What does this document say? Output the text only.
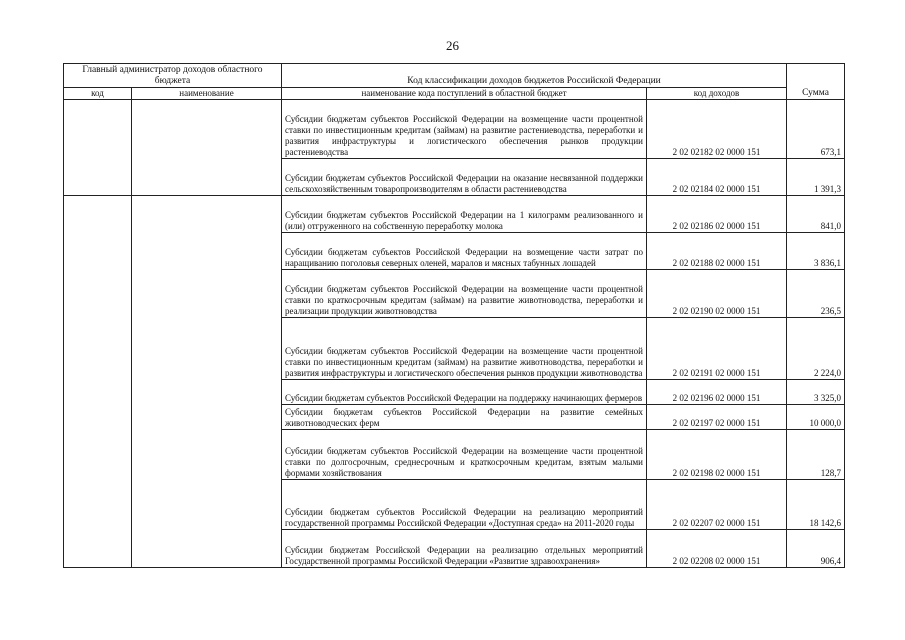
26
Главный администратор доходов областного бюджета		Код классификации доходов бюджетов Российской Федерации		Сумма
код	наименование	наименование кода поступлений в областной бюджет	код доходов	
		Субсидии бюджетам субъектов Российской Федерации на возмещение части процентной ставки по инвестиционным кредитам (займам) на развитие растениеводства, переработки и развития инфраструктуры и логистического обеспечения рынков продукции растениеводства	2 02 02182 02 0000 151	673,1
		Субсидии бюджетам субъектов Российской Федерации на оказание несвязанной поддержки сельскохозяйственным товаропроизводителям в области растениеводства	2 02 02184 02 0000 151	1 391,3
		Субсидии бюджетам субъектов Российской Федерации на 1 килограмм реализованного и (или) отгруженного на собственную переработку молока	2 02 02186 02 0000 151	841,0
		Субсидии бюджетам субъектов Российской Федерации на возмещение части затрат по наращиванию поголовья северных оленей, маралов и мясных табунных лошадей	2 02 02188 02 0000 151	3 836,1
		Субсидии бюджетам субъектов Российской Федерации на возмещение части процентной ставки по краткосрочным кредитам (займам) на развитие животноводства, переработки и реализации продукции животноводства	2 02 02190 02 0000 151	236,5
		Субсидии бюджетам субъектов Российской Федерации на возмещение части процентной ставки по инвестиционным кредитам (займам) на развитие животноводства, переработки и развития инфраструктуры и логистического обеспечения рынков продукции животноводства	2 02 02191 02 0000 151	2 224,0
		Субсидии бюджетам субъектов Российской Федерации на поддержку начинающих фермеров	2 02 02196 02 0000 151	3 325,0
		Субсидии бюджетам субъектов Российской Федерации на развитие семейных животноводческих ферм	2 02 02197 02 0000 151	10 000,0
		Субсидии бюджетам субъектов Российской Федерации на возмещение части процентной ставки по долгосрочным, среднесрочным и краткосрочным кредитам, взятым малыми формами хозяйствования	2 02 02198 02 0000 151	128,7
		Субсидии бюджетам субъектов Российской Федерации на реализацию мероприятий государственной программы Российской Федерации «Доступная среда» на 2011-2020 годы	2 02 02207 02 0000 151	18 142,6
		Субсидии бюджетам Российской Федерации на реализацию отдельных мероприятий Государственной программы Российской Федерации «Развитие здравоохранения»	2 02 02208 02 0000 151	906,4
